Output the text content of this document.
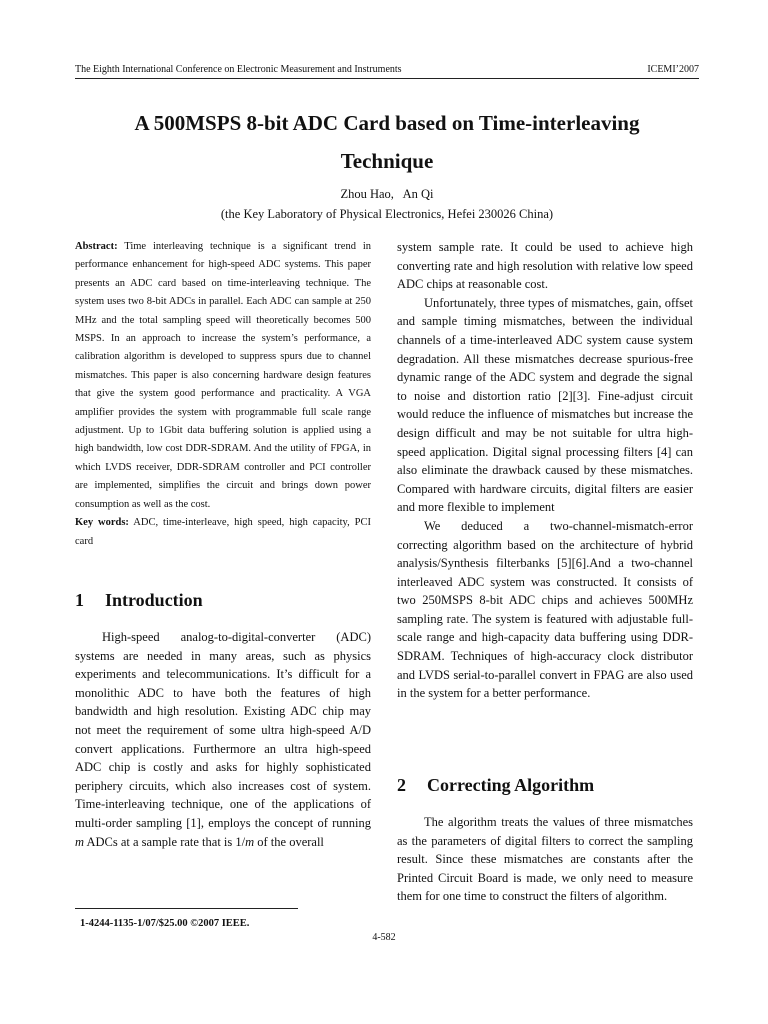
The Eighth International Conference on Electronic Measurement and Instruments	ICEMI’2007
A 500MSPS 8-bit ADC Card based on Time-interleaving
Technique
Zhou Hao,   An Qi
(the Key Laboratory of Physical Electronics, Hefei 230026 China)

Abstract: Time interleaving technique is a significant trend in performance enhancement for high-speed ADC systems. This paper presents an ADC card based on time-interleaving technique. The system uses two 8-bit ADCs in parallel. Each ADC can sample at 250 MHz and the total sampling speed will theoretically becomes 500 MSPS. In an approach to increase the system’s performance, a calibration algorithm is developed to suppress spurs due to channel mismatches. This paper is also concerning hardware design features that give the system good performance and practicality. A VGA amplifier provides the system with programmable full scale range adjustment. Up to 1Gbit data buffering solution is applied using a high bandwidth, low cost DDR-SDRAM. And the utility of FPGA, in which LVDS receiver, DDR-SDRAM controller and PCI controller are implemented, simplifies the circuit and brings down power consumption as well as the cost.

Key words: ADC, time-interleave, high speed, high capacity, PCI card

1 Introduction

High-speed analog-to-digital-converter (ADC) systems are needed in many areas, such as physics experiments and telecommunications. It’s difficult for a monolithic ADC to have both the features of high bandwidth and high resolution. Existing ADC chip may not meet the requirement of some ultra high-speed A/D convert applications. Furthermore an ultra high-speed ADC chip is costly and asks for highly sophisticated periphery circuits, which also increases cost of system. Time-interleaving technique, one of the applications of multi-order sampling [1], employs the concept of running m ADCs at a sample rate that is 1/m of the overall

system sample rate. It could be used to achieve high converting rate and high resolution with relative low speed ADC chips at reasonable cost.

Unfortunately, three types of mismatches, gain, offset and sample timing mismatches, between the individual channels of a time-interleaved ADC system cause system degradation. All these mismatches decrease spurious-free dynamic range of the ADC system and degrade the signal to noise and distortion ratio [2][3]. Fine-adjust circuit would reduce the influence of mismatches but increase the design difficult and may be not suitable for ultra high-speed application. Digital signal processing filters [4] can also eliminate the drawback caused by these mismatches. Compared with hardware circuits, digital filters are easier and more flexible to implement

We deduced a two-channel-mismatch-error correcting algorithm based on the architecture of hybrid analysis/Synthesis filterbanks [5][6].And a two-channel interleaved ADC system was constructed. It consists of two 250MSPS 8-bit ADC chips and achieves 500MHz sampling rate. The system is featured with adjustable full-scale range and high-capacity data buffering using DDR-SDRAM. Techniques of high-accuracy clock distributor and LVDS serial-to-parallel convert in FPAG are also used in the system for a better performance.

2 Correcting Algorithm

The algorithm treats the values of three mismatches as the parameters of digital filters to correct the sampling result. Since these mismatches are constants after the Printed Circuit Board is made, we only need to measure them for one time to construct the filters of algorithm.

1-4244-1135-1/07/$25.00 ©2007 IEEE.
4-582
